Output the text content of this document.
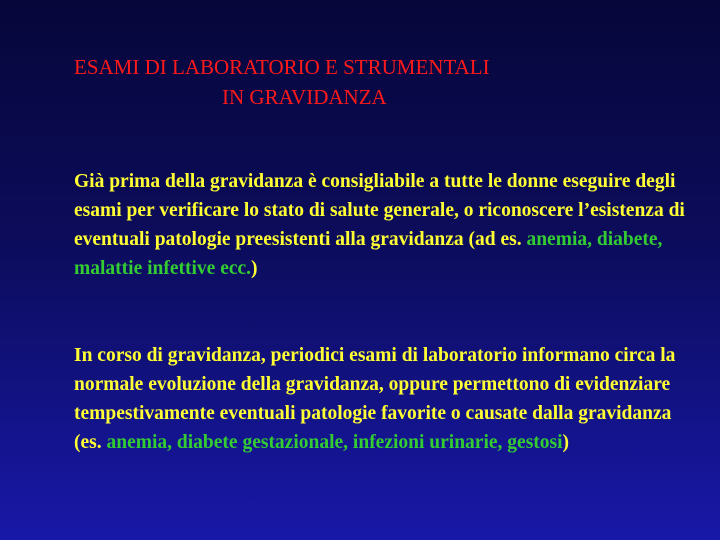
ESAMI DI LABORATORIO E STRUMENTALI
IN GRAVIDANZA

Già prima della gravidanza è consigliabile a tutte le donne eseguire degli esami per verificare lo stato di salute generale, o riconoscere l’esistenza di eventuali patologie preesistenti alla gravidanza (ad es. anemia, diabete, malattie infettive ecc.)

In corso di gravidanza, periodici esami di laboratorio informano circa la normale evoluzione della gravidanza, oppure permettono di evidenziare tempestivamente eventuali patologie favorite o causate dalla gravidanza (es. anemia, diabete gestazionale, infezioni urinarie, gestosi)
